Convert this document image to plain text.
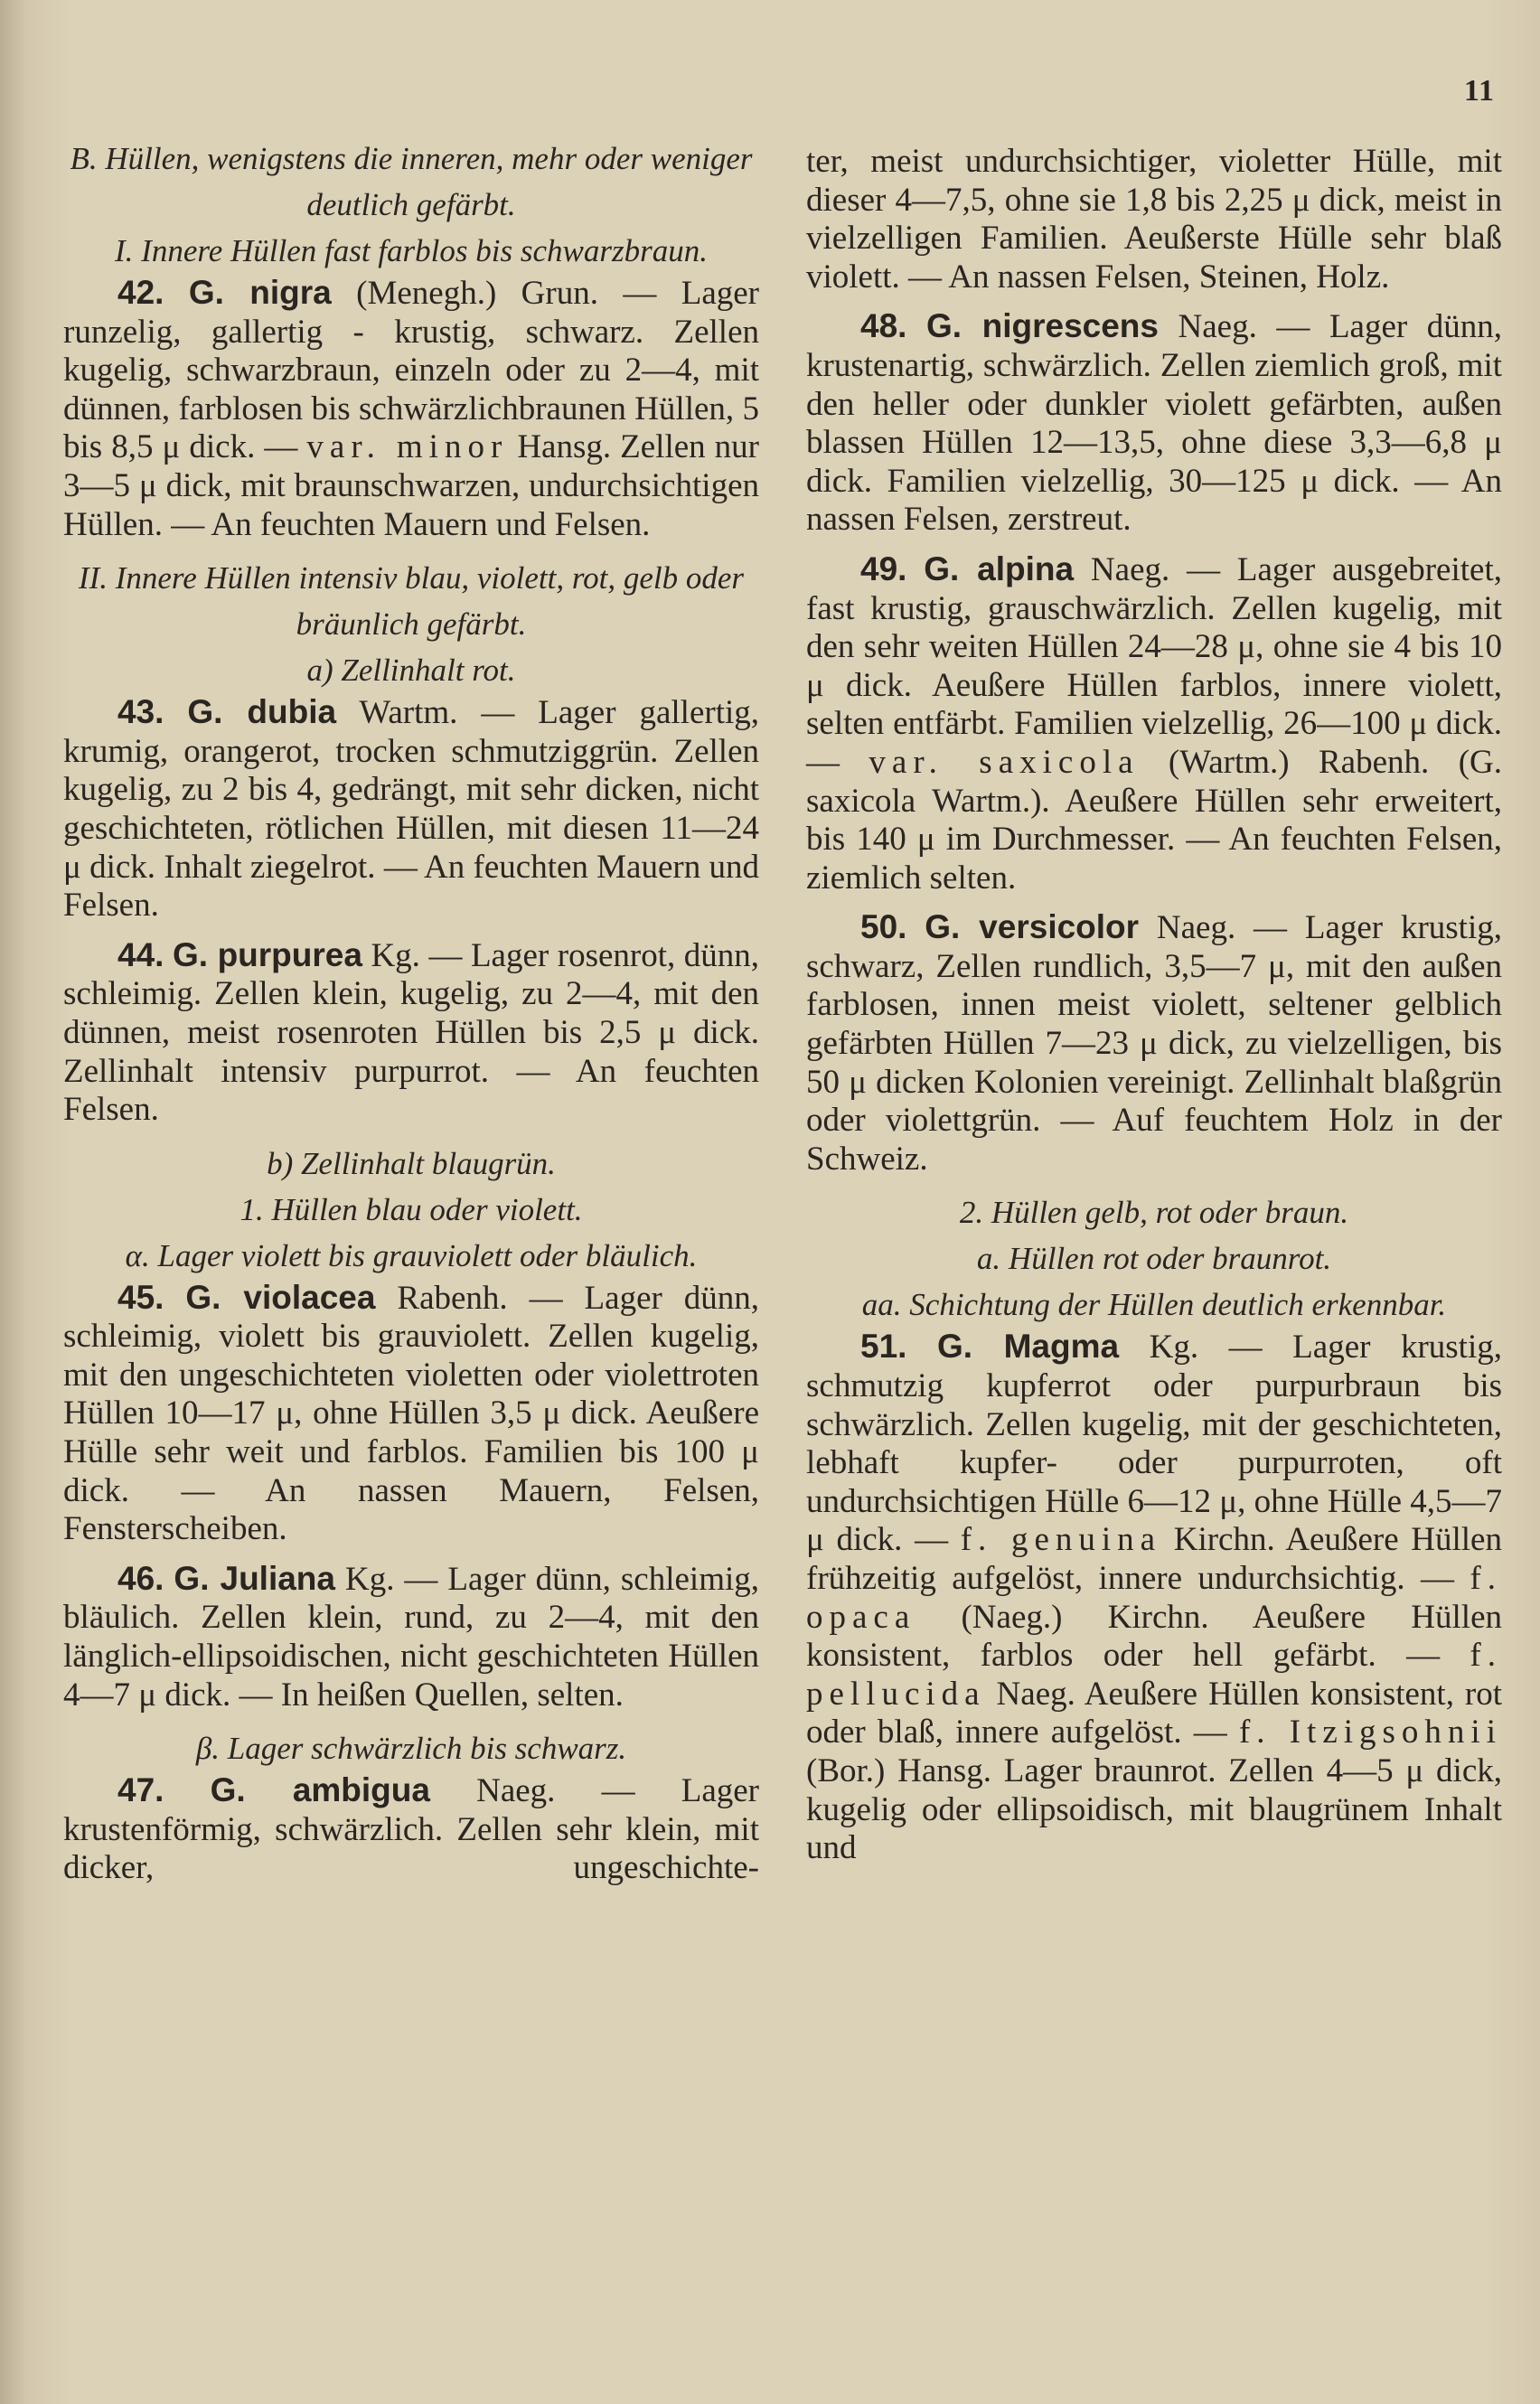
11

B. Hüllen, wenigstens die inneren, mehr oder weniger deutlich gefärbt.

I. Innere Hüllen fast farblos bis schwarzbraun.

42. G. nigra (Menegh.) Grun. — Lager runzelig, gallertig - krustig, schwarz. Zellen kugelig, schwarzbraun, einzeln oder zu 2—4, mit dünnen, farblosen bis schwärzlichbraunen Hüllen, 5 bis 8,5 μ dick. — var. minor Hansg. Zellen nur 3—5 μ dick, mit braunschwarzen, undurchsichtigen Hüllen. — An feuchten Mauern und Felsen.

II. Innere Hüllen intensiv blau, violett, rot, gelb oder bräunlich gefärbt.

a) Zellinhalt rot.

43. G. dubia Wartm. — Lager gallertig, krumig, orangerot, trocken schmutziggrün. Zellen kugelig, zu 2 bis 4, gedrängt, mit sehr dicken, nicht geschichteten, rötlichen Hüllen, mit diesen 11—24 μ dick. Inhalt ziegelrot. — An feuchten Mauern und Felsen.

44. G. purpurea Kg. — Lager rosenrot, dünn, schleimig. Zellen klein, kugelig, zu 2—4, mit den dünnen, meist rosenroten Hüllen bis 2,5 μ dick. Zellinhalt intensiv purpurrot. — An feuchten Felsen.

b) Zellinhalt blaugrün.

1. Hüllen blau oder violett.

α. Lager violett bis grauviolett oder bläulich.

45. G. violacea Rabenh. — Lager dünn, schleimig, violett bis grauviolett. Zellen kugelig, mit den ungeschichteten violetten oder violettroten Hüllen 10—17 μ, ohne Hüllen 3,5 μ dick. Aeußere Hülle sehr weit und farblos. Familien bis 100 μ dick. — An nassen Mauern, Felsen, Fensterscheiben.

46. G. Juliana Kg. — Lager dünn, schleimig, bläulich. Zellen klein, rund, zu 2—4, mit den länglich-ellipsoidischen, nicht geschichteten Hüllen 4—7 μ dick. — In heißen Quellen, selten.

β. Lager schwärzlich bis schwarz.

47. G. ambigua Naeg. — Lager krustenförmig, schwärzlich. Zellen sehr klein, mit dicker, ungeschichte-

ter, meist undurchsichtiger, violetter Hülle, mit dieser 4—7,5, ohne sie 1,8 bis 2,25 μ dick, meist in vielzelligen Familien. Aeußerste Hülle sehr blaß violett. — An nassen Felsen, Steinen, Holz.

48. G. nigrescens Naeg. — Lager dünn, krustenartig, schwärzlich. Zellen ziemlich groß, mit den heller oder dunkler violett gefärbten, außen blassen Hüllen 12—13,5, ohne diese 3,3—6,8 μ dick. Familien vielzellig, 30—125 μ dick. — An nassen Felsen, zerstreut.

49. G. alpina Naeg. — Lager ausgebreitet, fast krustig, grauschwärzlich. Zellen kugelig, mit den sehr weiten Hüllen 24—28 μ, ohne sie 4 bis 10 μ dick. Aeußere Hüllen farblos, innere violett, selten entfärbt. Familien vielzellig, 26—100 μ dick. — var. saxicola (Wartm.) Rabenh. (G. saxicola Wartm.). Aeußere Hüllen sehr erweitert, bis 140 μ im Durchmesser. — An feuchten Felsen, ziemlich selten.

50. G. versicolor Naeg. — Lager krustig, schwarz, Zellen rundlich, 3,5—7 μ, mit den außen farblosen, innen meist violett, seltener gelblich gefärbten Hüllen 7—23 μ dick, zu vielzelligen, bis 50 μ dicken Kolonien vereinigt. Zellinhalt blaßgrün oder violettgrün. — Auf feuchtem Holz in der Schweiz.

2. Hüllen gelb, rot oder braun.

a. Hüllen rot oder braunrot.

aa. Schichtung der Hüllen deutlich erkennbar.

51. G. Magma Kg. — Lager krustig, schmutzig kupferrot oder purpurbraun bis schwärzlich. Zellen kugelig, mit der geschichteten, lebhaft kupfer- oder purpurroten, oft undurchsichtigen Hülle 6—12 μ, ohne Hülle 4,5—7 μ dick. — f. genuina Kirchn. Aeußere Hüllen frühzeitig aufgelöst, innere undurchsichtig. — f. opaca (Naeg.) Kirchn. Aeußere Hüllen konsistent, farblos oder hell gefärbt. — f. pellucida Naeg. Aeußere Hüllen konsistent, rot oder blaß, innere aufgelöst. — f. Itzigsohnii (Bor.) Hansg. Lager braunrot. Zellen 4—5 μ dick, kugelig oder ellipsoidisch, mit blaugrünem Inhalt und
